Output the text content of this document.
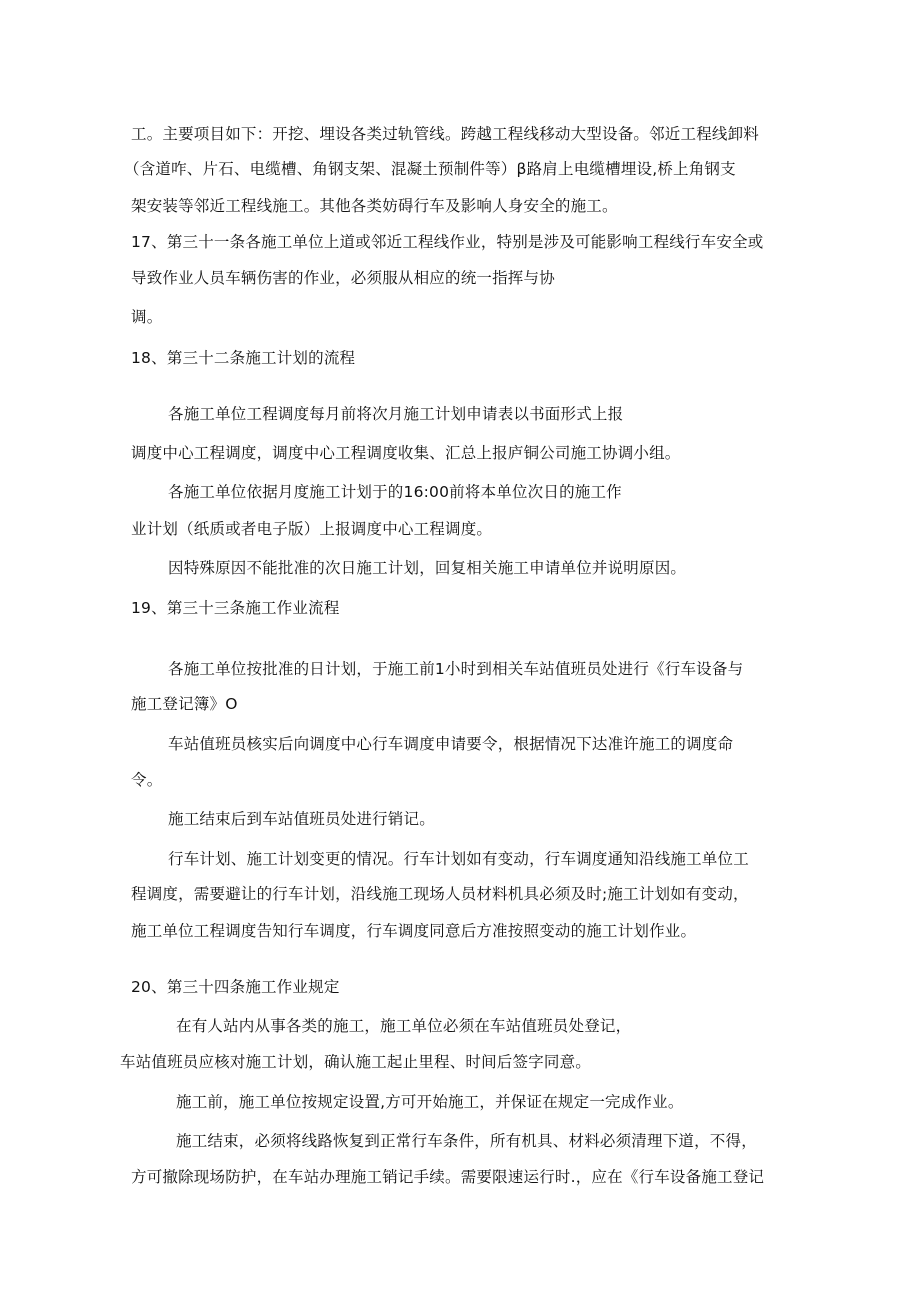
工。主要项目如下：开挖、埋设各类过轨管线。跨越工程线移动大型设备。邻近工程线卸料
（含道咋、片石、电缆槽、角钢支架、混凝土预制件等）β路肩上电缆槽埋设,桥上角钢支
架安装等邻近工程线施工。其他各类妨碍行车及影响人身安全的施工。
17、第三十一条各施工单位上道或邻近工程线作业，特别是涉及可能影响工程线行车安全或
导致作业人员车辆伤害的作业，必须服从相应的统一指挥与协
调。
18、第三十二条施工计划的流程
各施工单位工程调度每月前将次月施工计划申请表以书面形式上报
调度中心工程调度，调度中心工程调度收集、汇总上报庐铜公司施工协调小组。
各施工单位依据月度施工计划于的16:00前将本单位次日的施工作
业计划（纸质或者电子版）上报调度中心工程调度。
因特殊原因不能批准的次日施工计划，回复相关施工申请单位并说明原因。
19、第三十三条施工作业流程
各施工单位按批准的日计划，于施工前1小时到相关车站值班员处进行《行车设备与
施工登记簿》O
车站值班员核实后向调度中心行车调度申请要令，根据情况下达准许施工的调度命
令。
施工结束后到车站值班员处进行销记。
行车计划、施工计划变更的情况。行车计划如有变动，行车调度通知沿线施工单位工
程调度，需要避让的行车计划，沿线施工现场人员材料机具必须及时;施工计划如有变动，
施工单位工程调度告知行车调度，行车调度同意后方准按照变动的施工计划作业。
20、第三十四条施工作业规定
在有人站内从事各类的施工，施工单位必须在车站值班员处登记，
车站值班员应核对施工计划，确认施工起止里程、时间后签字同意。
施工前，施工单位按规定设置,方可开始施工，并保证在规定一完成作业。
施工结束，必须将线路恢复到正常行车条件，所有机具、材料必须清理下道，不得，
方可撤除现场防护，在车站办理施工销记手续。需要限速运行时.，应在《行车设备施工登记
